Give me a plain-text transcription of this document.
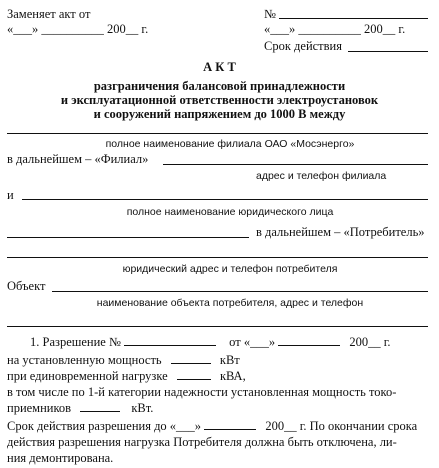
Заменяет акт от
«___» __________ 200__ г.
№
«___» __________ 200__ г.
Срок действия
А К Т
разграничения балансовой принадлежности
и эксплуатационной ответственности электроустановок
и сооружений напряжением до 1000 В между
полное наименование филиала ОАО «Мосэнерго»
в дальнейшем – «Филиал»
адрес и телефон филиала
и
полное наименование юридического лица
в дальнейшем – «Потребитель»
юридический адрес и телефон потребителя
Объект
наименование объекта потребителя, адрес и телефон
1. Разрешение №	от «___»	200__ г.
на установленную мощность	кВт
при единовременной нагрузке	кВА,
в том числе по 1-й категории надежности установленная мощность токо-
приемников	кВт.
Срок действия разрешения до «___»	200__ г. По окончании срока
действия разрешения нагрузка Потребителя должна быть отключена, ли-
ния демонтирована.
